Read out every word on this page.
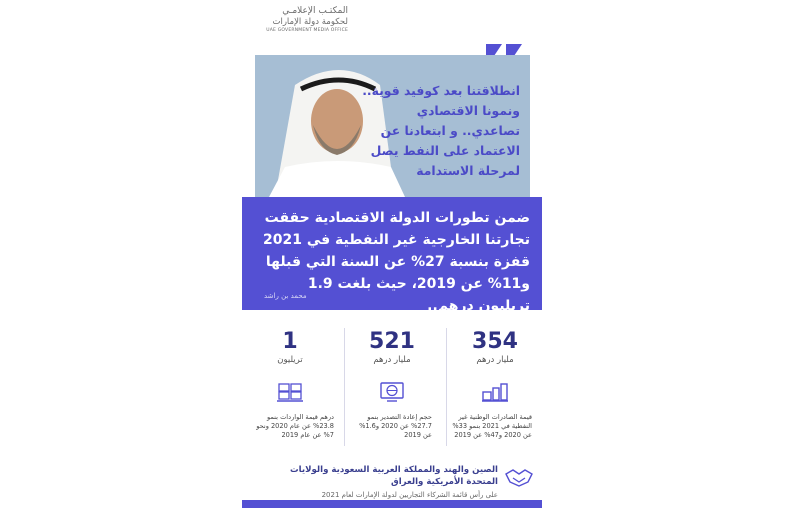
المكتـب الإعلامـي
لحكومة دولة الإمارات
UAE GOVERNMENT MEDIA OFFICE
انطلاقتنا بعد كوفيد قوية.. ونمونا الاقتصادي تصاعدي.. و ابتعادنا عن الاعتماد على النفط يصل لمرحلة الاستدامة
ضمن تطورات الدولة الاقتصادية حققت تجارتنا الخارجية غير النفطية في 2021 قفزة بنسبة 27% عن السنة التي قبلها و11% عن 2019، حيث بلغت 1.9 تريليون درهم..
محمد بن راشد
354
مليار درهم
521
مليار درهم
1
تريليون
قيمة الصادرات الوطنية غير النفطية في 2021 بنمو 33% عن 2020 و47% عن 2019
حجم إعادة التصدير بنمو 27.7% عن 2020 و1.6% عن 2019
درهم قيمة الواردات بنمو 23.8% عن عام 2020 ونحو 7% عن عام 2019
الصين والهند والمملكة العربية السعودية والولايات المتحدة الأمريكية والعراق
على رأس قائمة الشركاء التجاريين لدولة الإمارات لعام 2021
